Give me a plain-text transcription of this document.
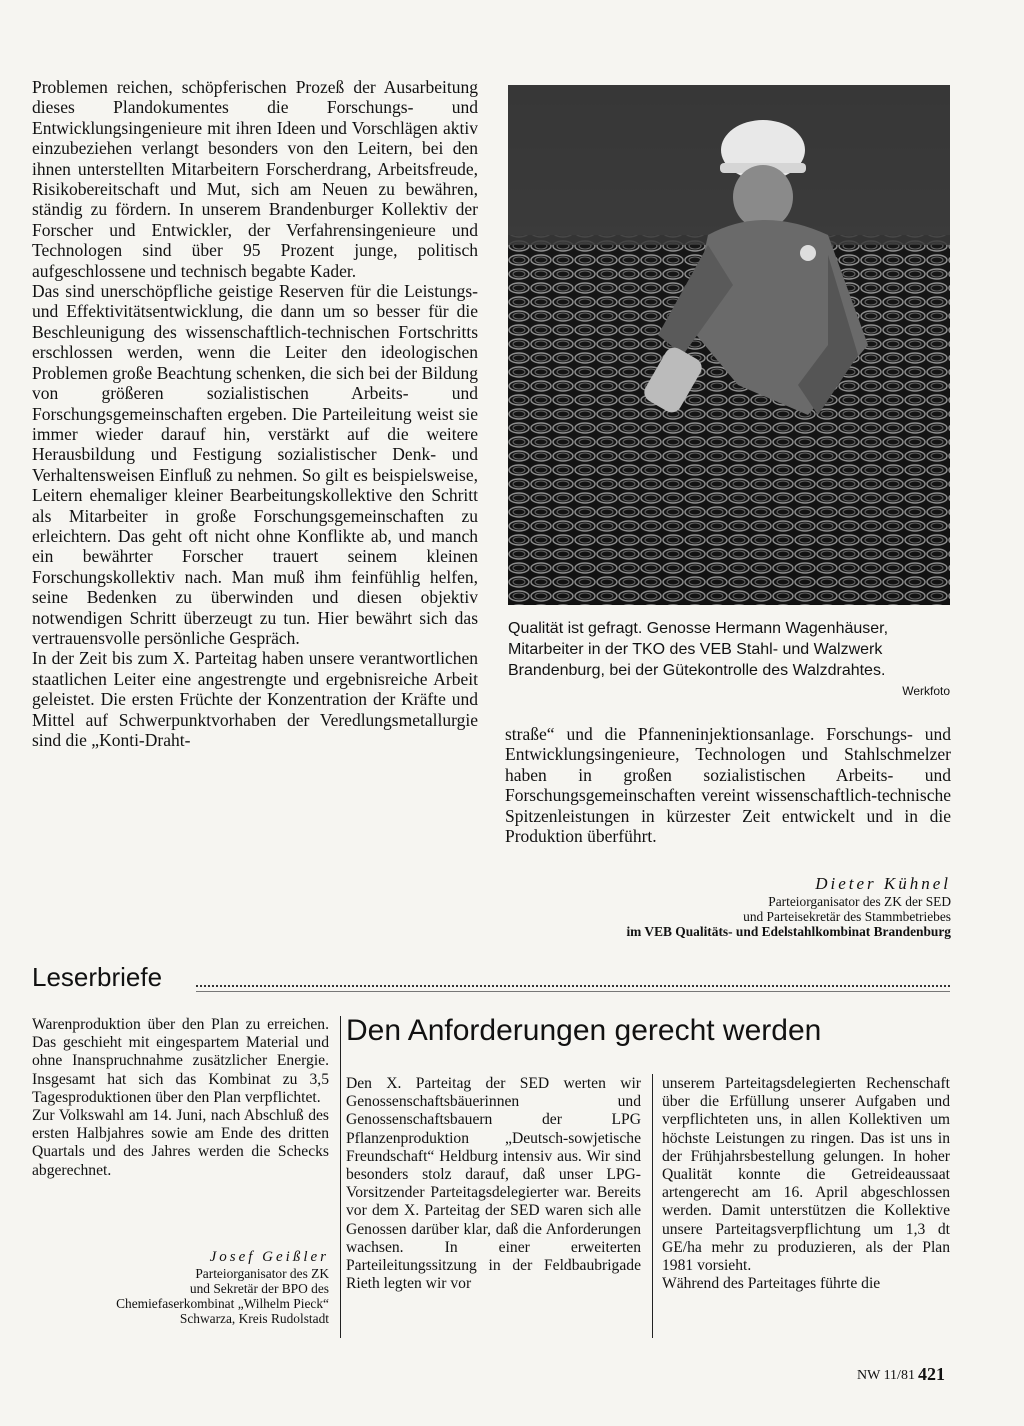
Problemen reichen, schöpferischen Prozeß der Ausarbeitung dieses Plandokumentes die Forschungs- und Entwicklungsingenieure mit ihren Ideen und Vorschlägen aktiv einzubeziehen verlangt besonders von den Leitern, bei den ihnen unterstellten Mitarbeitern Forscherdrang, Arbeitsfreude, Risikobereitschaft und Mut, sich am Neuen zu bewähren, ständig zu fördern. In unserem Brandenburger Kollektiv der Forscher und Entwickler, der Verfahrensingenieure und Technologen sind über 95 Prozent junge, politisch aufgeschlossene und technisch begabte Kader.

Das sind unerschöpfliche geistige Reserven für die Leistungs- und Effektivitätsentwicklung, die dann um so besser für die Beschleunigung des wissenschaftlich-technischen Fortschritts erschlossen werden, wenn die Leiter den ideologischen Problemen große Beachtung schenken, die sich bei der Bildung von größeren sozialistischen Arbeits- und Forschungsgemeinschaften ergeben. Die Parteileitung weist sie immer wieder darauf hin, verstärkt auf die weitere Herausbildung und Festigung sozialistischer Denk- und Verhaltensweisen Einfluß zu nehmen. So gilt es beispielsweise, Leitern ehemaliger kleiner Bearbeitungskollektive den Schritt als Mitarbeiter in große Forschungsgemeinschaften zu erleichtern. Das geht oft nicht ohne Konflikte ab, und manch ein bewährter Forscher trauert seinem kleinen Forschungskollektiv nach. Man muß ihm feinfühlig helfen, seine Bedenken zu überwinden und diesen objektiv notwendigen Schritt überzeugt zu tun. Hier bewährt sich das vertrauensvolle persönliche Gespräch.

In der Zeit bis zum X. Parteitag haben unsere verantwortlichen staatlichen Leiter eine angestrengte und ergebnisreiche Arbeit geleistet. Die ersten Früchte der Konzentration der Kräfte und Mittel auf Schwerpunktvorhaben der Veredlungsmetallurgie sind die „Konti-Draht-

Qualität ist gefragt. Genosse Hermann Wagenhäuser, Mitarbeiter in der TKO des VEB Stahl- und Walzwerk Brandenburg, bei der Gütekontrolle des Walzdrahtes.
Werkfoto

straße“ und die Pfanneninjektionsanlage. Forschungs- und Entwicklungsingenieure, Technologen und Stahlschmelzer haben in großen sozialistischen Arbeits- und Forschungsgemeinschaften vereint wissenschaftlich-technische Spitzenleistungen in kürzester Zeit entwickelt und in die Produktion überführt.

Dieter Kühnel
Parteiorganisator des ZK der SED
und Parteisekretär des Stammbetriebes
im VEB Qualitäts- und Edelstahlkombinat Brandenburg
Leserbriefe

Warenproduktion über den Plan zu erreichen. Das geschieht mit eingespartem Material und ohne Inanspruchnahme zusätzlicher Energie. Insgesamt hat sich das Kombinat zu 3,5 Tagesproduktionen über den Plan verpflichtet.

Zur Volkswahl am 14. Juni, nach Abschluß des ersten Halbjahres sowie am Ende des dritten Quartals und des Jahres werden die Schecks abgerechnet.

Josef Geißler
Parteiorganisator des ZK
und Sekretär der BPO des
Chemiefaserkombinat „Wilhelm Pieck“
Schwarza, Kreis Rudolstadt
Den Anforderungen gerecht werden

Den X. Parteitag der SED werten wir Genossenschaftsbäuerinnen und Genossenschaftsbauern der LPG Pflanzenproduktion „Deutsch-sowjetische Freundschaft“ Heldburg intensiv aus. Wir sind besonders stolz darauf, daß unser LPG-Vorsitzender Parteitagsdelegierter war. Bereits vor dem X. Parteitag der SED waren sich alle Genossen darüber klar, daß die Anforderungen wachsen. In einer erweiterten Parteileitungssitzung in der Feldbaubrigade Rieth legten wir vor

unserem Parteitagsdelegierten Rechenschaft über die Erfüllung unserer Aufgaben und verpflichteten uns, in allen Kollektiven um höchste Leistungen zu ringen. Das ist uns in der Frühjahrsbestellung gelungen. In hoher Qualität konnte die Getreideaussaat artengerecht am 16. April abgeschlossen werden. Damit unterstützen die Kollektive unsere Parteitagsverpflichtung um 1,3 dt GE/ha mehr zu produzieren, als der Plan 1981 vorsieht.

Während des Parteitages führte die

NW 11/81 421
